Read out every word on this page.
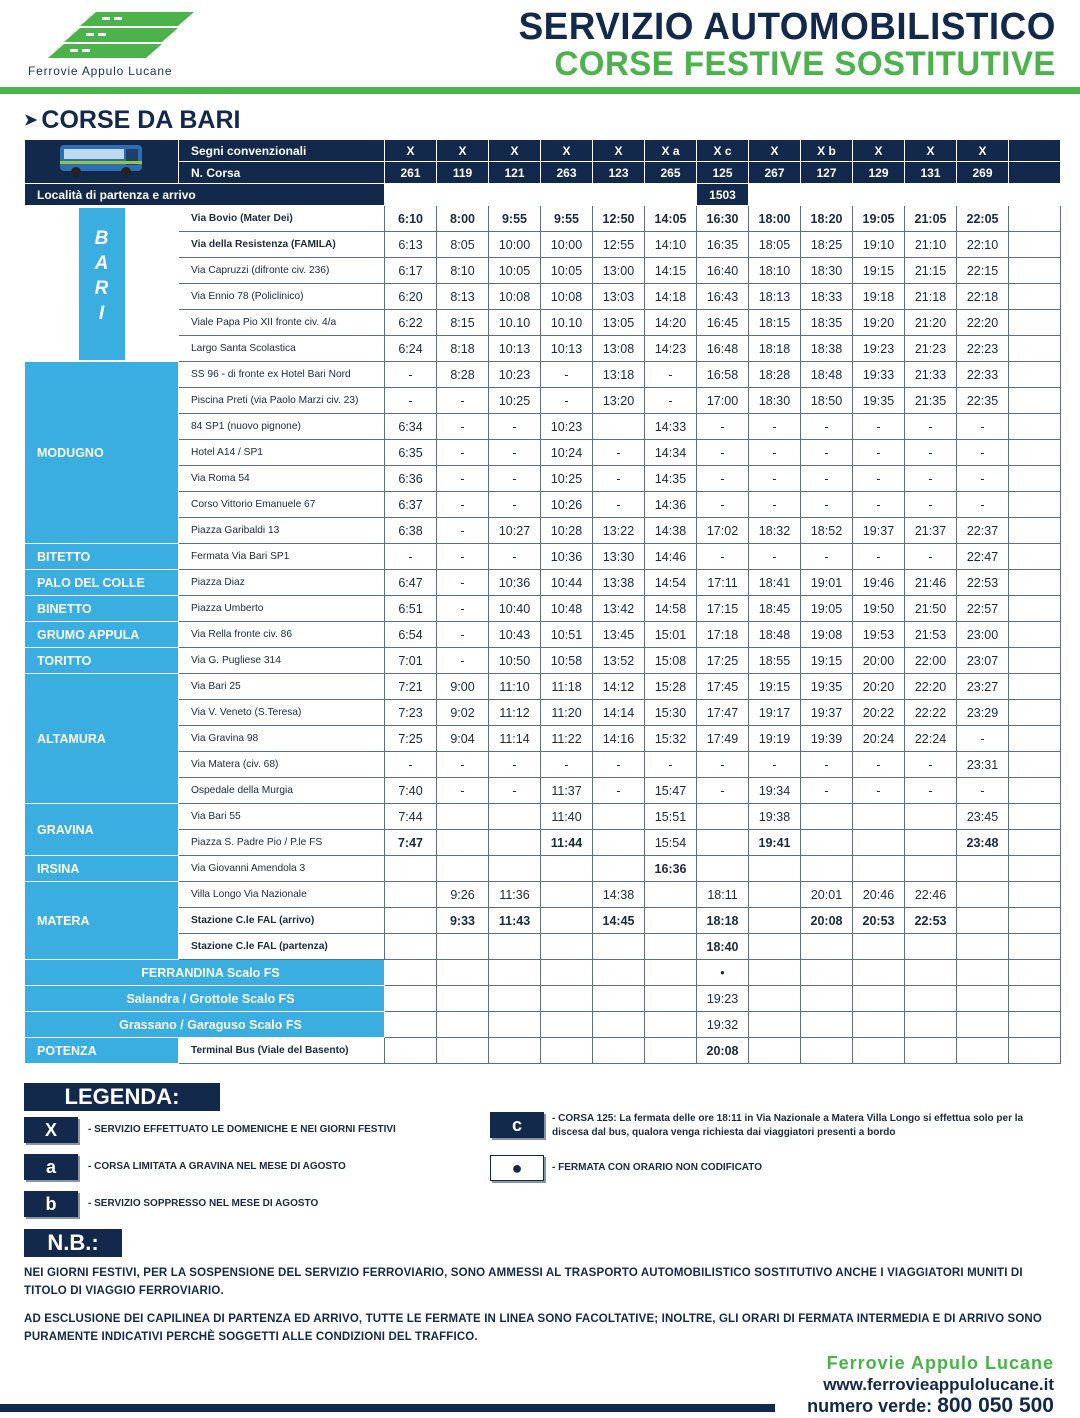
Ferrovie Appulo Lucane
SERVIZIO AUTOMOBILISTICO
CORSE FESTIVE SOSTITUTIVE
➤ CORSE DA BARI
	Segni convenzionali	X	X	X	X	X	X a	X c	X	X b	X	X	X	
	N. Corsa	261	119	121	263	123	265	125	267	127	129	131	269	
Località di partenza e arrivo								1503						

B
A
R
I	Via Bovio (Mater Dei)	6:10	8:00	9:55	9:55	12:50	14:05	16:30	18:00	18:20	19:05	21:05	22:05	
	Via della Resistenza (FAMILA)	6:13	8:05	10:00	10:00	12:55	14:10	16:35	18:05	18:25	19:10	21:10	22:10	
	Via Capruzzi (difronte civ. 236)	6:17	8:10	10:05	10:05	13:00	14:15	16:40	18:10	18:30	19:15	21:15	22:15	
	Via Ennio 78 (Policlinico)	6:20	8:13	10:08	10:08	13:03	14:18	16:43	18:13	18:33	19:18	21:18	22:18	
	Viale Papa Pio XII fronte civ. 4/a	6:22	8:15	10.10	10.10	13:05	14:20	16:45	18:15	18:35	19:20	21:20	22:20	
	Largo Santa Scolastica	6:24	8:18	10:13	10:13	13:08	14:23	16:48	18:18	18:38	19:23	21:23	22:23	
MODUGNO	SS 96 - di fronte ex Hotel Bari Nord	-	8:28	10:23	-	13:18	-	16:58	18:28	18:48	19:33	21:33	22:33	
	Piscina Preti (via Paolo Marzi civ. 23)	-	-	10:25	-	13:20	-	17:00	18:30	18:50	19:35	21:35	22:35	
	84 SP1 (nuovo pignone)	6:34	-	-	10:23		14:33	-	-	-	-	-	-	
	Hotel A14 / SP1	6:35	-	-	10:24	-	14:34	-	-	-	-	-	-	
	Via Roma 54	6:36	-	-	10:25	-	14:35	-	-	-	-	-	-	
	Corso Vittorio Emanuele 67	6:37	-	-	10:26	-	14:36	-	-	-	-	-	-	
	Piazza Garibaldi 13	6:38	-	10:27	10:28	13:22	14:38	17:02	18:32	18:52	19:37	21:37	22:37	
BITETTO	Fermata Via Bari SP1	-	-	-	10:36	13:30	14:46	-	-	-	-	-	22:47	
PALO DEL COLLE	Piazza Diaz	6:47	-	10:36	10:44	13:38	14:54	17:11	18:41	19:01	19:46	21:46	22:53	
BINETTO	Piazza Umberto	6:51	-	10:40	10:48	13:42	14:58	17:15	18:45	19:05	19:50	21:50	22:57	
GRUMO APPULA	Via Rella fronte civ. 86	6:54	-	10:43	10:51	13:45	15:01	17:18	18:48	19:08	19:53	21:53	23:00	
TORITTO	Via G. Pugliese 314	7:01	-	10:50	10:58	13:52	15:08	17:25	18:55	19:15	20:00	22:00	23:07	
ALTAMURA	Via Bari 25	7:21	9:00	11:10	11:18	14:12	15:28	17:45	19:15	19:35	20:20	22:20	23:27	
	Via V. Veneto (S.Teresa)	7:23	9:02	11:12	11:20	14:14	15:30	17:47	19:17	19:37	20:22	22:22	23:29	
	Via Gravina 98	7:25	9:04	11:14	11:22	14:16	15:32	17:49	19:19	19:39	20:24	22:24	-	
	Via Matera (civ. 68)	-	-	-	-	-	-	-	-	-	-	-	23:31	
	Ospedale della Murgia	7:40	-	-	11:37	-	15:47	-	19:34	-	-	-	-	
GRAVINA	Via Bari 55	7:44			11:40		15:51		19:38				23:45	
	Piazza S. Padre Pio / P.le FS	7:47			11:44		15:54		19:41				23:48	
IRSINA	Via Giovanni Amendola 3						16:36							
MATERA	Villa Longo Via Nazionale		9:26	11:36		14:38		18:11		20:01	20:46	22:46		
	Stazione C.le FAL (arrivo)		9:33	11:43		14:45		18:18		20:08	20:53	22:53		
	Stazione C.le FAL (partenza)							18:40						
FERRANDINA Scalo FS								•						
Salandra / Grottole Scalo FS								19:23						
Grassano / Garaguso Scalo FS								19:32						
POTENZA	Terminal Bus (Viale del Basento)							20:08						
LEGENDA:
X	- SERVIZIO EFFETTUATO LE DOMENICHE E NEI GIORNI FESTIVI
a	- CORSA LIMITATA A GRAVINA NEL MESE DI AGOSTO
b	- SERVIZIO SOPPRESSO NEL MESE DI AGOSTO
c	- CORSA 125: La fermata delle ore 18:11 in Via Nazionale a Matera Villa Longo si effettua solo per la discesa dal bus, qualora venga richiesta dai viaggiatori presenti a bordo
●	- FERMATA CON ORARIO NON CODIFICATO
N.B.:
NEI GIORNI FESTIVI, PER LA SOSPENSIONE DEL SERVIZIO FERROVIARIO, SONO AMMESSI AL TRASPORTO AUTOMOBILISTICO SOSTITUTIVO ANCHE I VIAGGIATORI MUNITI DI TITOLO DI VIAGGIO FERROVIARIO.
AD ESCLUSIONE DEI CAPILINEA DI PARTENZA ED ARRIVO, TUTTE LE FERMATE IN LINEA SONO FACOLTATIVE; INOLTRE, GLI ORARI DI FERMATA INTERMEDIA E DI ARRIVO SONO PURAMENTE INDICATIVI PERCHÈ SOGGETTI ALLE CONDIZIONI DEL TRAFFICO.
Ferrovie Appulo Lucane
www.ferrovieappulolucane.it
numero verde: 800 050 500
